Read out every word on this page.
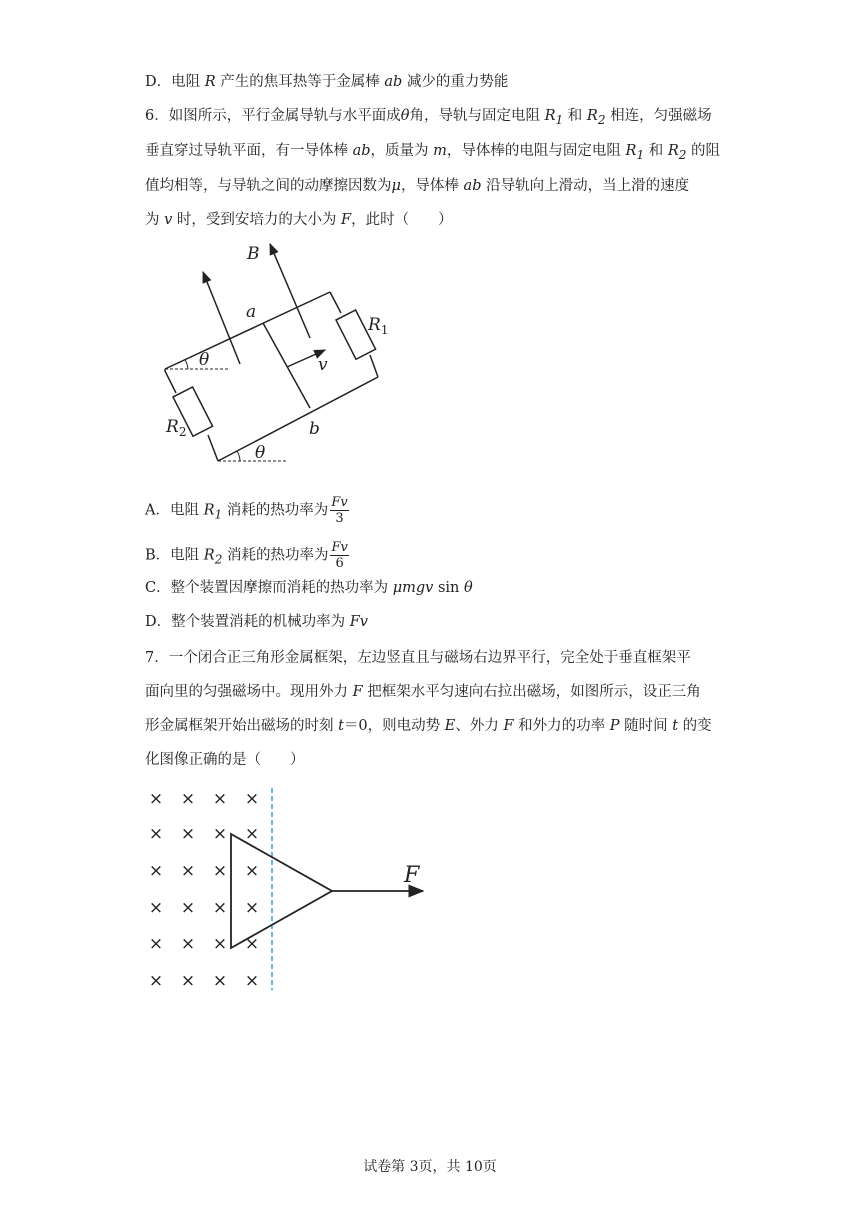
D．电阻 R 产生的焦耳热等于金属棒 ab 减少的重力势能
6．如图所示，平行金属导轨与水平面成θ角，导轨与固定电阻 $R_1$ 和 $R_2$ 相连，匀强磁场
垂直穿过导轨平面，有一导体棒 ab，质量为 m，导体棒的电阻与固定电阻 $R_1$ 和 $R_2$ 的阻
值均相等，与导轨之间的动摩擦因数为μ，导体棒 ab 沿导轨向上滑动，当上滑的速度
为 v 时，受到安培力的大小为 F，此时（　　）
B
a
b
v
θ
θ
$R_1$
$R_2$
A．电阻 $R_1$ 消耗的热功率为 $\frac{Fv}{3}$
B．电阻 $R_2$ 消耗的热功率为 $\frac{Fv}{6}$
C．整个装置因摩擦而消耗的热功率为 μmgv sin θ
D．整个装置消耗的机械功率为 Fv
7．一个闭合正三角形金属框架，左边竖直且与磁场右边界平行，完全处于垂直框架平
面向里的匀强磁场中。现用外力 F 把框架水平匀速向右拉出磁场，如图所示，设正三角
形金属框架开始出磁场的时刻 t＝0，则电动势 E、外力 F 和外力的功率 P 随时间 t 的变
化图像正确的是（　　）
× × × ×
× × × ×
× × × ×
× × × ×
× × × ×
× × × ×
F
试卷第 3页，共 10页
